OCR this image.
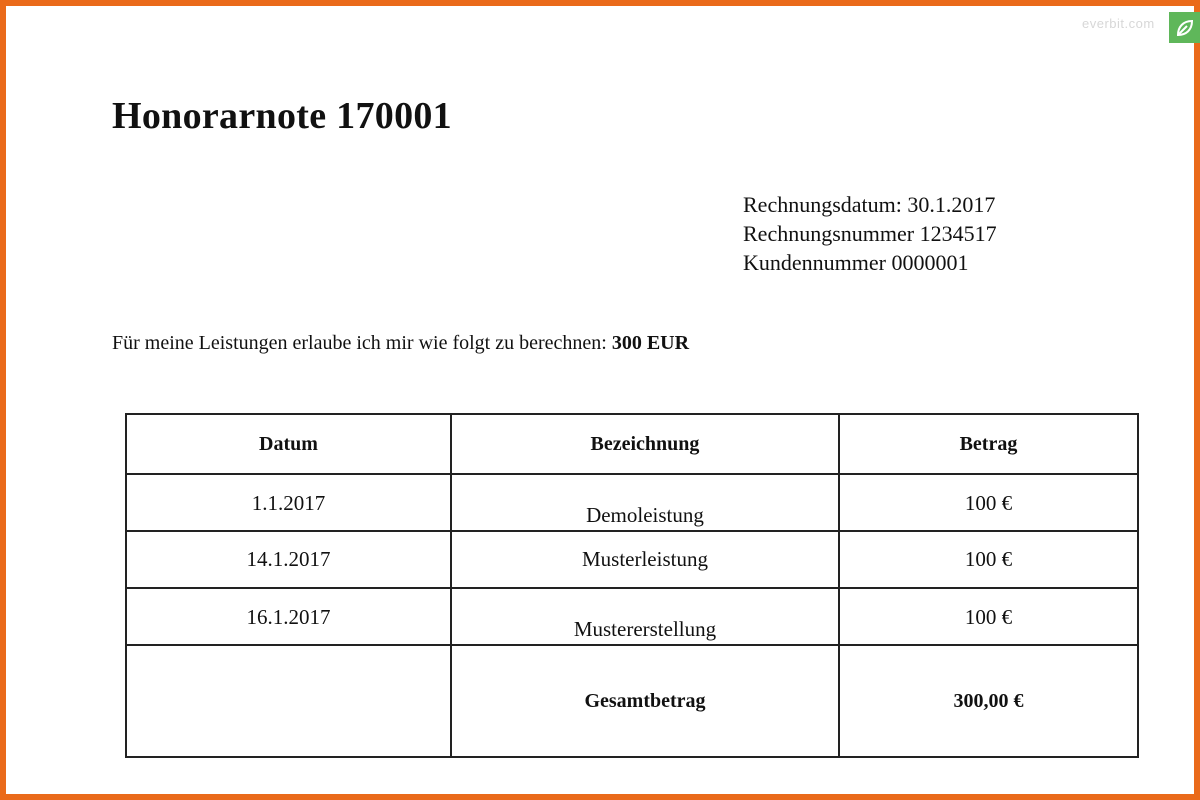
everbit.com
Honorarnote 170001
Rechnungsdatum: 30.1.2017
Rechnungsnummer 1234517
Kundennummer 0000001
Für meine Leistungen erlaube ich mir wie folgt zu berechnen: 300 EUR
Datum	Bezeichnung	Betrag
1.1.2017	Demoleistung	100 €
14.1.2017	Musterleistung	100 €
16.1.2017	Mustererstellung	100 €
	Gesamtbetrag	300,00 €
